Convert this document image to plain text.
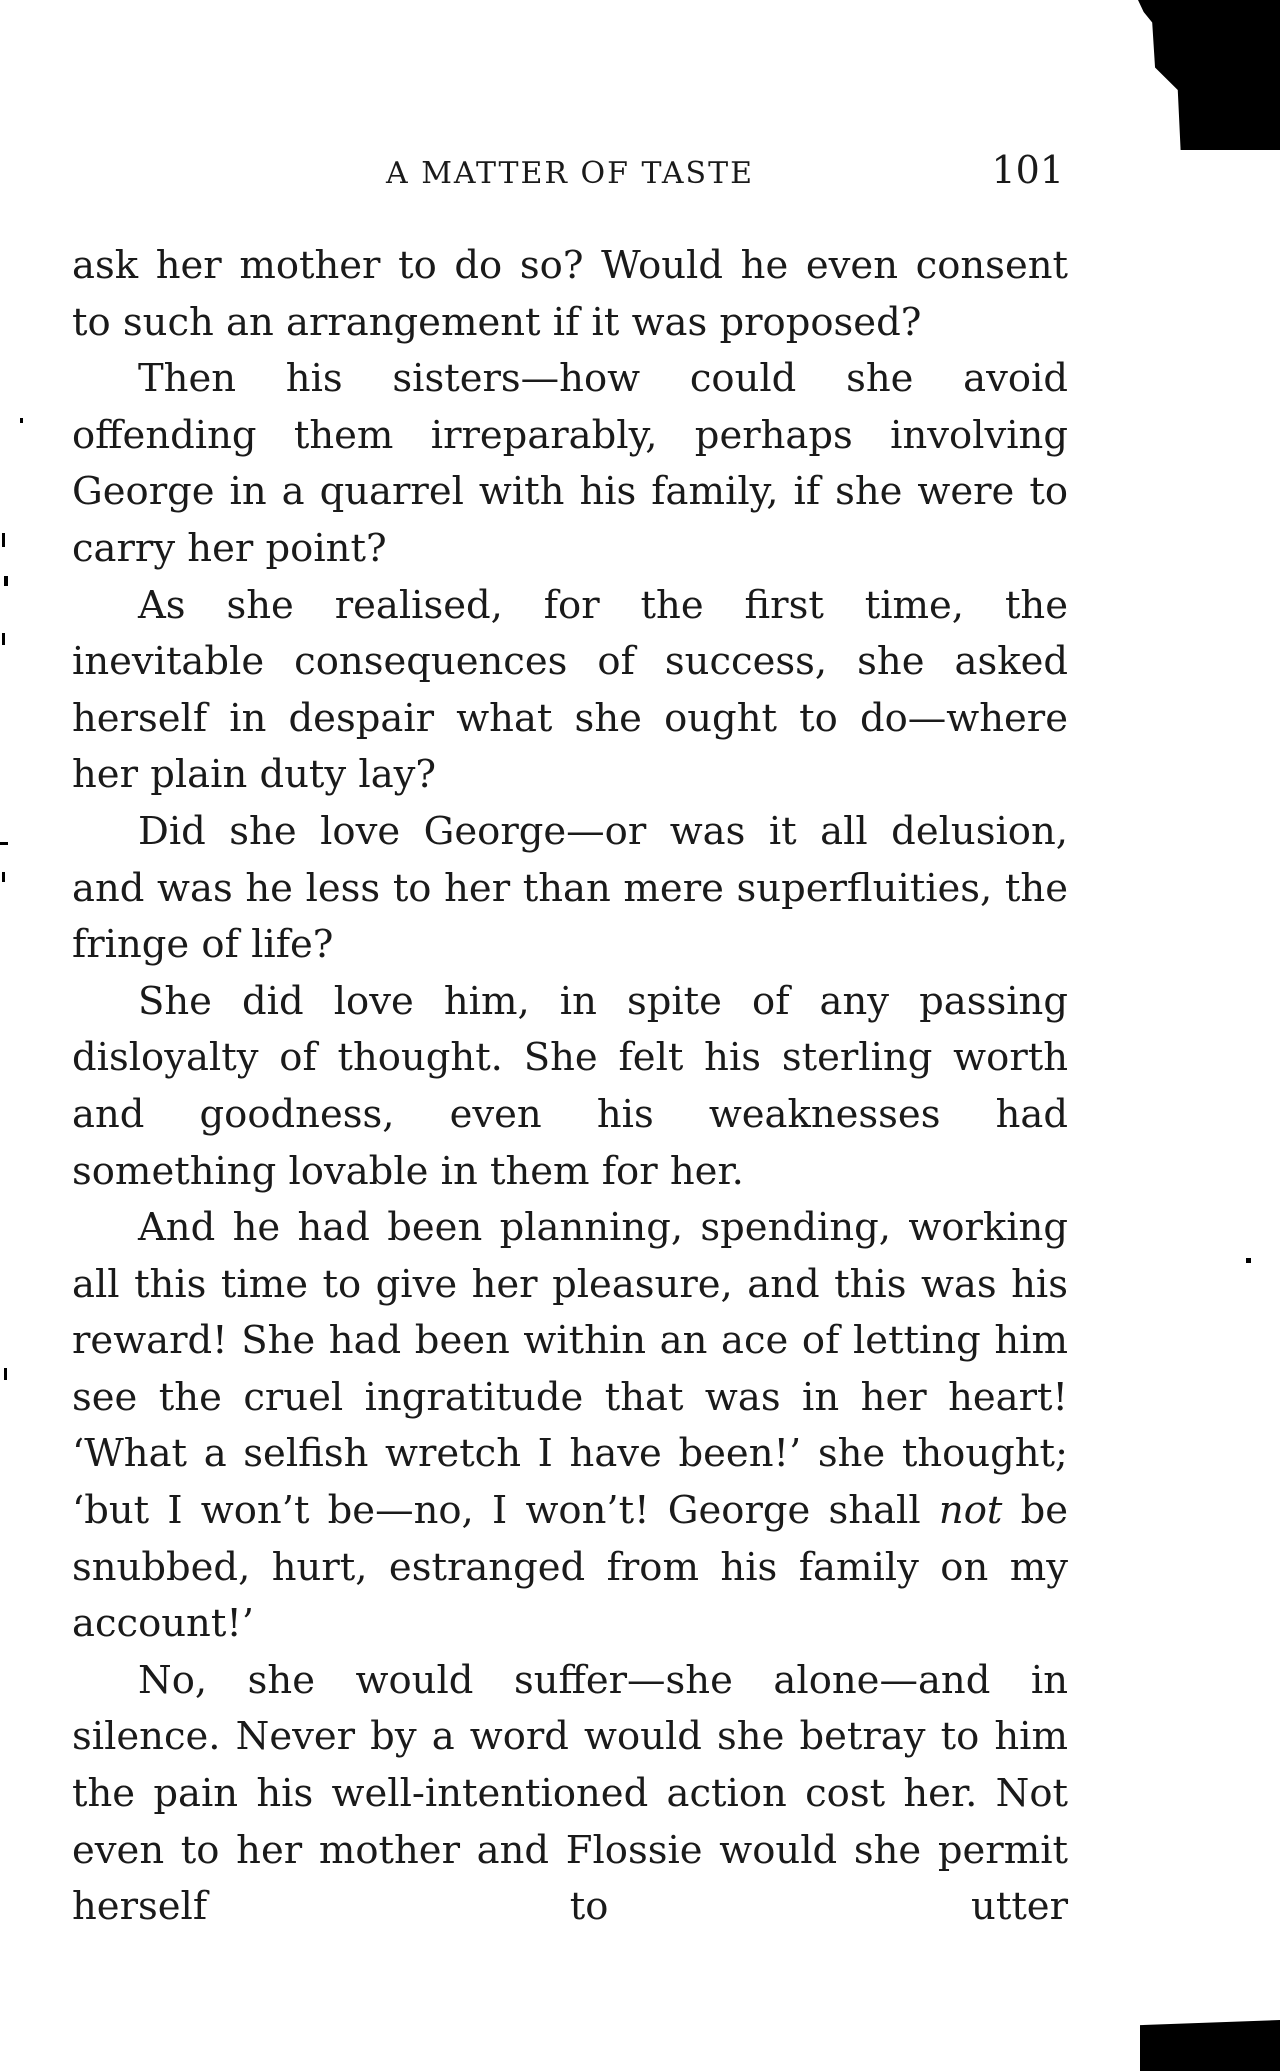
A MATTER OF TASTE	101

ask her mother to do so? Would he even consent to such an arrangement if it was proposed?

Then his sisters—how could she avoid offending them irreparably, perhaps involving George in a quarrel with his family, if she were to carry her point?

As she realised, for the first time, the inevitable consequences of success, she asked herself in despair what she ought to do—where her plain duty lay?

Did she love George—or was it all delusion, and was he less to her than mere superfluities, the fringe of life?

She did love him, in spite of any passing disloyalty of thought. She felt his sterling worth and goodness, even his weaknesses had something lovable in them for her.

And he had been planning, spending, working all this time to give her pleasure, and this was his reward! She had been within an ace of letting him see the cruel ingratitude that was in her heart! ‘What a selfish wretch I have been!’ she thought; ‘but I won’t be—no, I won’t! George shall not be snubbed, hurt, estranged from his family on my account!’

No, she would suffer—she alone—and in silence. Never by a word would she betray to him the pain his well-intentioned action cost her. Not even to her mother and Flossie would she permit herself to utter
